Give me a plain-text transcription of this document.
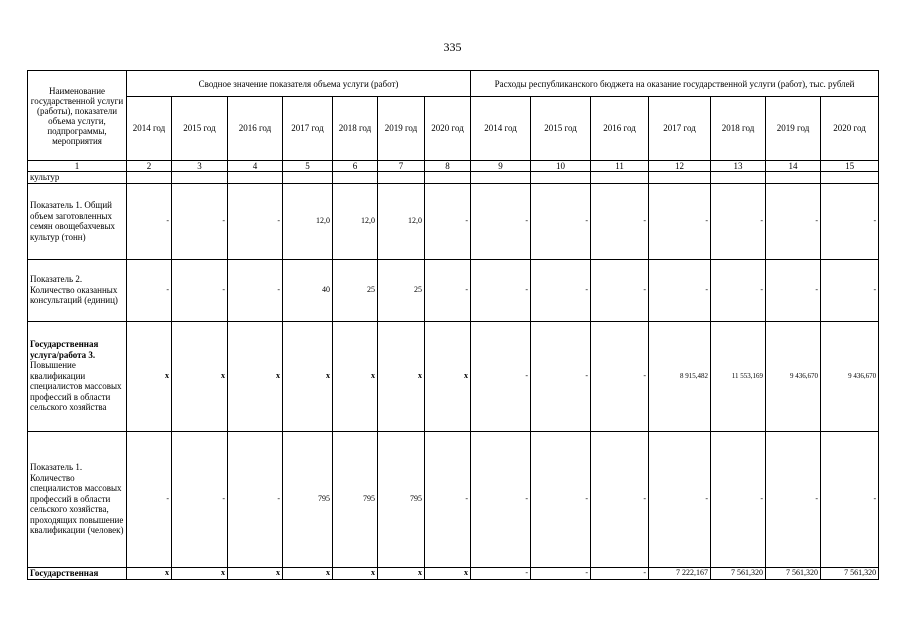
335
Наименование государственной услуги (работы), показатели объема услуги, подпрограммы, мероприятия	Сводное значение показателя объема услуги (работ)							Расходы республиканского бюджета на оказание государственной услуги (работ), тыс. рублей						
	2014 год	2015 год	2016 год	2017 год	2018 год	2019 год	2020 год	2014 год	2015 год	2016 год	2017 год	2018 год	2019 год	2020 год
1	2	3	4	5	6	7	8	9	10	11	12	13	14	15
культур														
Показатель 1. Общий объем заготовленных семян овощебахчевых культур (тонн)	-	-	-	12,0	12,0	12,0	-	-	-	-	-	-	-	-
Показатель 2. Количество оказанных консультаций (единиц)	-	-	-	40	25	25	-	-	-	-	-	-	-	-
Государственная услуга/работа 3.
Повышение квалификации специалистов массовых профессий в области сельского хозяйства	x	x	x	x	x	x	x	-	-	-	8 915,482	11 553,169	9 436,670	9 436,670
Показатель 1. Количество специалистов массовых профессий в области сельского хозяйства, проходящих повышение квалификации (человек)	-	-	-	795	795	795	-	-	-	-	-	-	-	-
Государственная	x	x	x	x	x	x	x	-	-	-	7 222,167	7 561,320	7 561,320	7 561,320
